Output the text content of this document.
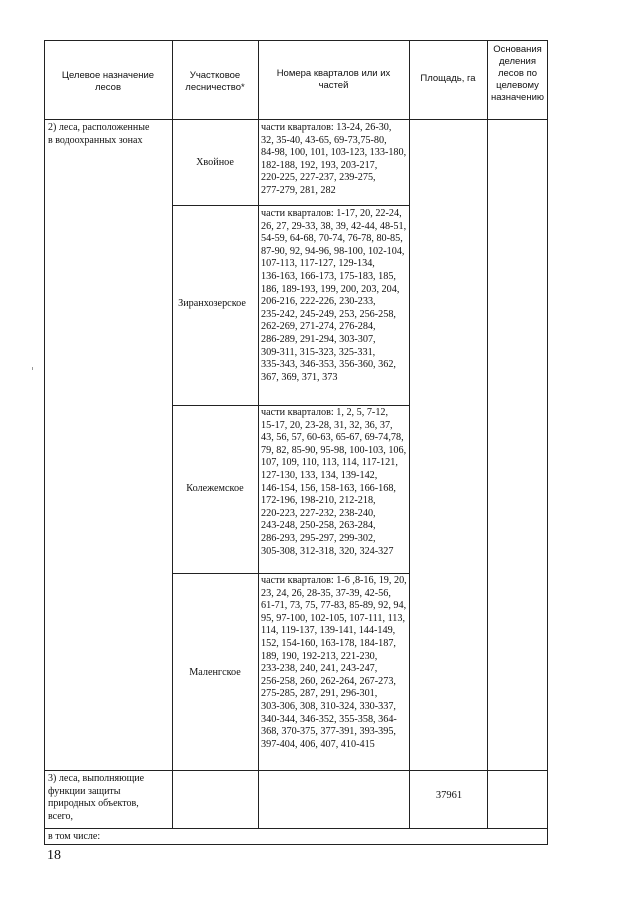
Целевое назначение
лесов
Участковое
лесничество*
Номера кварталов или их
частей
Площадь, га
Основания
деления
лесов по
целевому
назначению
2) леса, расположенные
в водоохранных зонах
Хвойное
части кварталов: 13-24, 26-30,
32, 35-40, 43-65, 69-73,75-80,
84-98, 100, 101, 103-123, 133-180,
182-188, 192, 193, 203-217,
220-225, 227-237, 239-275,
277-279, 281, 282
Зиранхозерское
части кварталов: 1-17, 20, 22-24,
26, 27, 29-33, 38, 39, 42-44, 48-51,
54-59, 64-68, 70-74, 76-78, 80-85,
87-90, 92, 94-96, 98-100, 102-104,
107-113, 117-127, 129-134,
136-163, 166-173, 175-183, 185,
186, 189-193, 199, 200, 203, 204,
206-216, 222-226, 230-233,
235-242, 245-249, 253, 256-258,
262-269, 271-274, 276-284,
286-289, 291-294, 303-307,
309-311, 315-323, 325-331,
335-343, 346-353, 356-360, 362,
367, 369, 371, 373
Колежемское
части кварталов: 1, 2, 5, 7-12,
15-17, 20, 23-28, 31, 32, 36, 37,
43, 56, 57, 60-63, 65-67, 69-74,78,
79, 82, 85-90, 95-98, 100-103, 106,
107, 109, 110, 113, 114, 117-121,
127-130, 133, 134, 139-142,
146-154, 156, 158-163, 166-168,
172-196, 198-210, 212-218,
220-223, 227-232, 238-240,
243-248, 250-258, 263-284,
286-293, 295-297, 299-302,
305-308, 312-318, 320, 324-327
Маленгское
части кварталов: 1-6 ,8-16, 19, 20,
23, 24, 26, 28-35, 37-39, 42-56,
61-71, 73, 75, 77-83, 85-89, 92, 94,
95, 97-100, 102-105, 107-111, 113,
114, 119-137, 139-141, 144-149,
152, 154-160, 163-178, 184-187,
189, 190, 192-213, 221-230,
233-238, 240, 241, 243-247,
256-258, 260, 262-264, 267-273,
275-285, 287, 291, 296-301,
303-306, 308, 310-324, 330-337,
340-344, 346-352, 355-358, 364-
368, 370-375, 377-391, 393-395,
397-404, 406, 407, 410-415
3) леса, выполняющие
функции защиты
природных объектов,
всего,
37961
в том числе:
18
